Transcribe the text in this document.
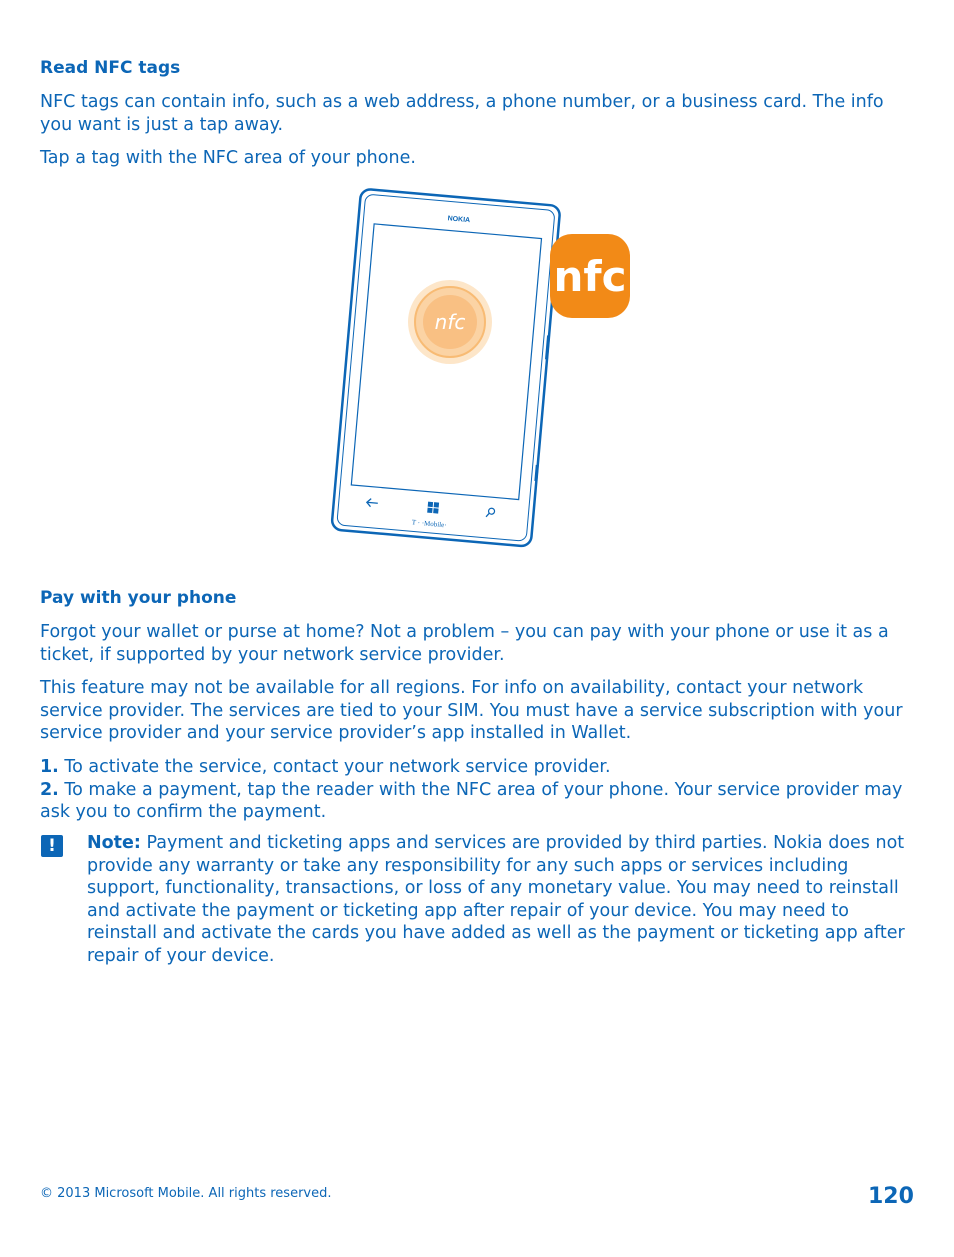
Read NFC tags

NFC tags can contain info, such as a web address, a phone number, or a business card. The info you want is just a tap away.

Tap a tag with the NFC area of your phone.

NOKIA
T · ·Mobile·
nfc
nfc
Pay with your phone

Forgot your wallet or purse at home? Not a problem – you can pay with your phone or use it as a ticket, if supported by your network service provider.

This feature may not be available for all regions. For info on availability, contact your network service provider. The services are tied to your SIM. You must have a service subscription with your service provider and your service provider’s app installed in Wallet.

1. To activate the service, contact your network service provider.

2. To make a payment, tap the reader with the NFC area of your phone. Your service provider may ask you to confirm the payment.

!	Note: Payment and ticketing apps and services are provided by third parties. Nokia does not provide any warranty or take any responsibility for any such apps or services including support, functionality, transactions, or loss of any monetary value. You may need to reinstall and activate the payment or ticketing app after repair of your device. You may need to reinstall and activate the cards you have added as well as the payment or ticketing app after repair of your device.

© 2013 Microsoft Mobile. All rights reserved.	120
